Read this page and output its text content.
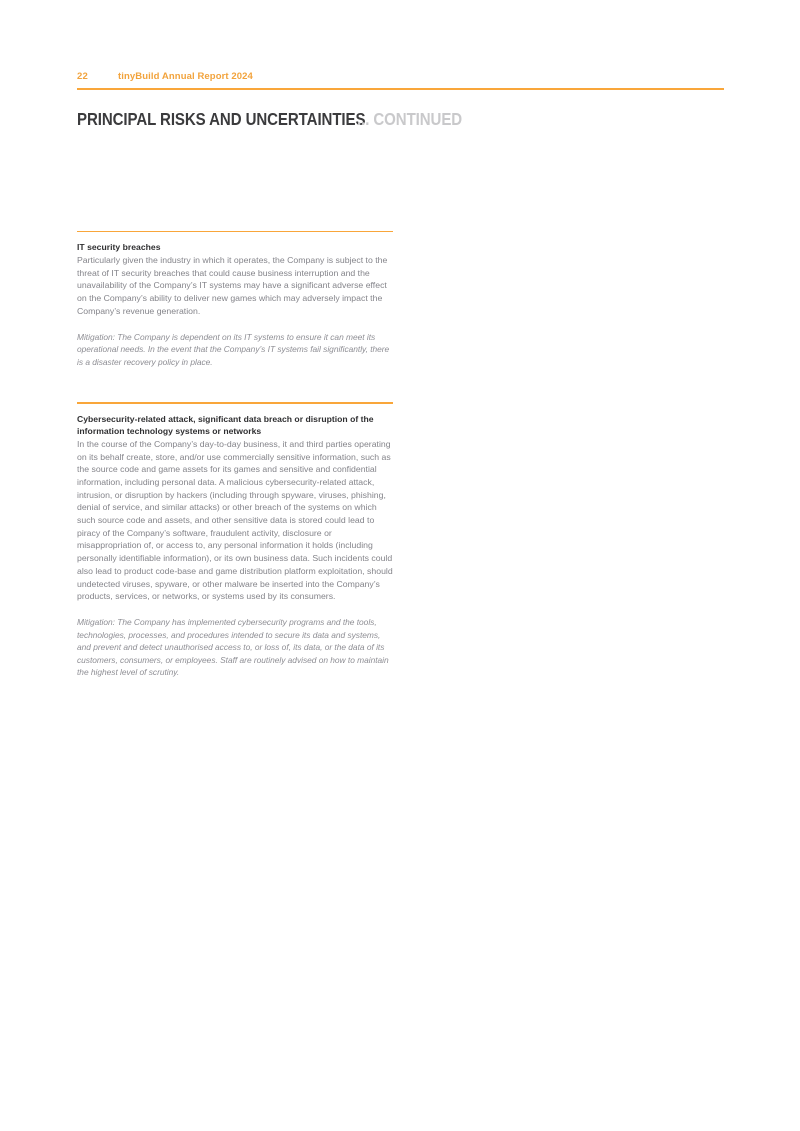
22	tinyBuild Annual Report 2024
PRINCIPAL RISKS AND UNCERTAINTIES... CONTINUED
IT security breaches
Particularly given the industry in which it operates, the Company is subject to the threat of IT security breaches that could cause business interruption and the unavailability of the Company’s IT systems may have a significant adverse effect on the Company’s ability to deliver new games which may adversely impact the Company’s revenue generation.
Mitigation: The Company is dependent on its IT systems to ensure it can meet its operational needs. In the event that the Company’s IT systems fail significantly, there is a disaster recovery policy in place.
Cybersecurity-related attack, significant data breach or disruption of the information technology systems or networks
In the course of the Company’s day-to-day business, it and third parties operating on its behalf create, store, and/or use commercially sensitive information, such as the source code and game assets for its games and sensitive and confidential information, including personal data. A malicious cybersecurity-related attack, intrusion, or disruption by hackers (including through spyware, viruses, phishing, denial of service, and similar attacks) or other breach of the systems on which such source code and assets, and other sensitive data is stored could lead to piracy of the Company’s software, fraudulent activity, disclosure or misappropriation of, or access to, any personal information it holds (including personally identifiable information), or its own business data. Such incidents could also lead to product code-base and game distribution platform exploitation, should undetected viruses, spyware, or other malware be inserted into the Company’s products, services, or networks, or systems used by its consumers.
Mitigation: The Company has implemented cybersecurity programs and the tools, technologies, processes, and procedures intended to secure its data and systems, and prevent and detect unauthorised access to, or loss of, its data, or the data of its customers, consumers, or employees. Staff are routinely advised on how to maintain the highest level of scrutiny.
